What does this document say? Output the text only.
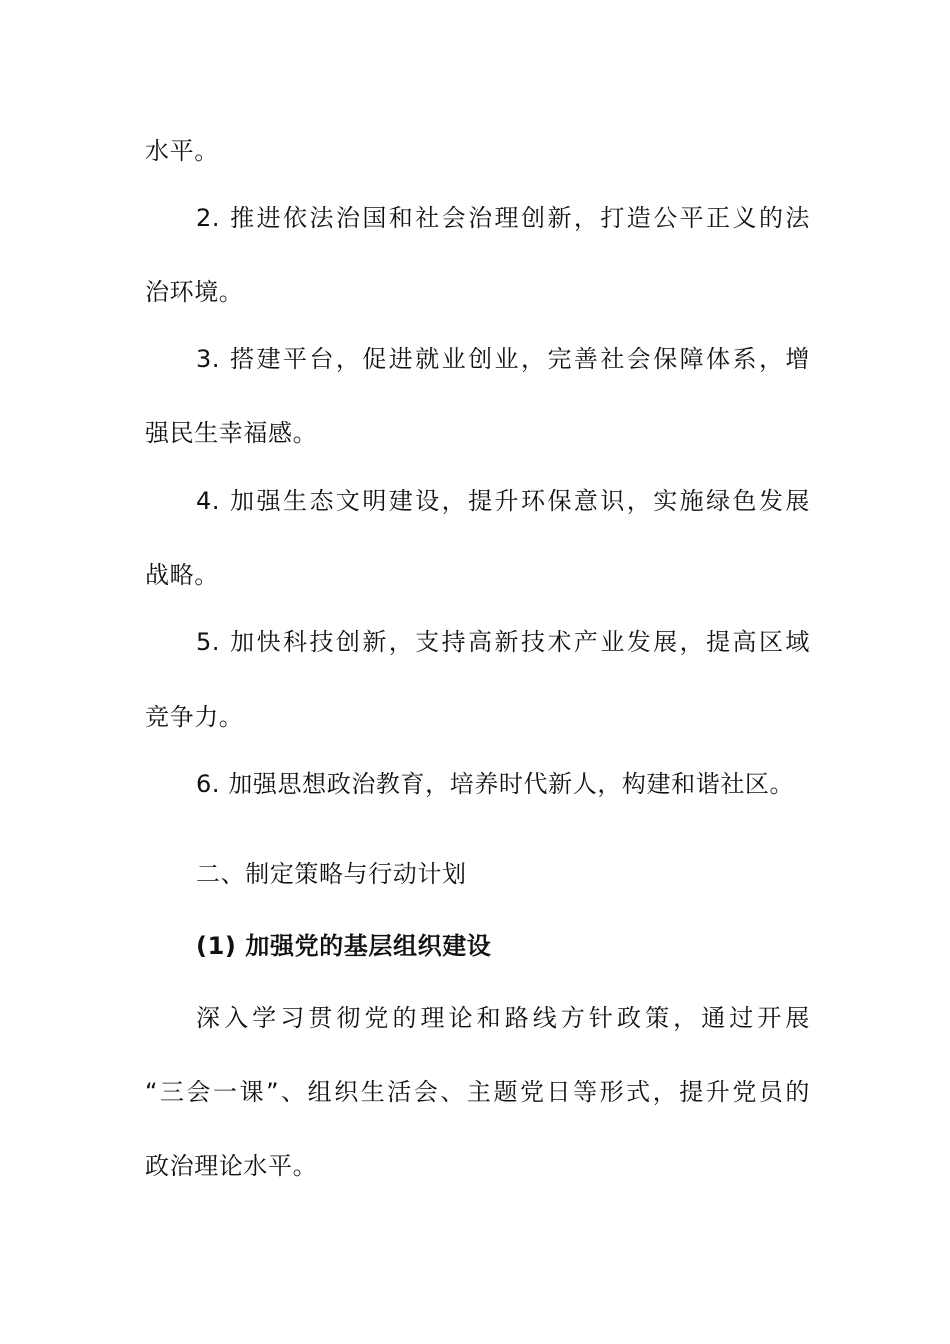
水平。
2. 推进依法治国和社会治理创新，打造公平正义的法
治环境。
3. 搭建平台，促进就业创业，完善社会保障体系，增
强民生幸福感。
4. 加强生态文明建设，提升环保意识，实施绿色发展
战略。
5. 加快科技创新，支持高新技术产业发展，提高区域
竞争力。
6. 加强思想政治教育，培养时代新人，构建和谐社区。
二、制定策略与行动计划
(1) 加强党的基层组织建设
深入学习贯彻党的理论和路线方针政策，通过开展
“三会一课”、组织生活会、主题党日等形式，提升党员的
政治理论水平。
